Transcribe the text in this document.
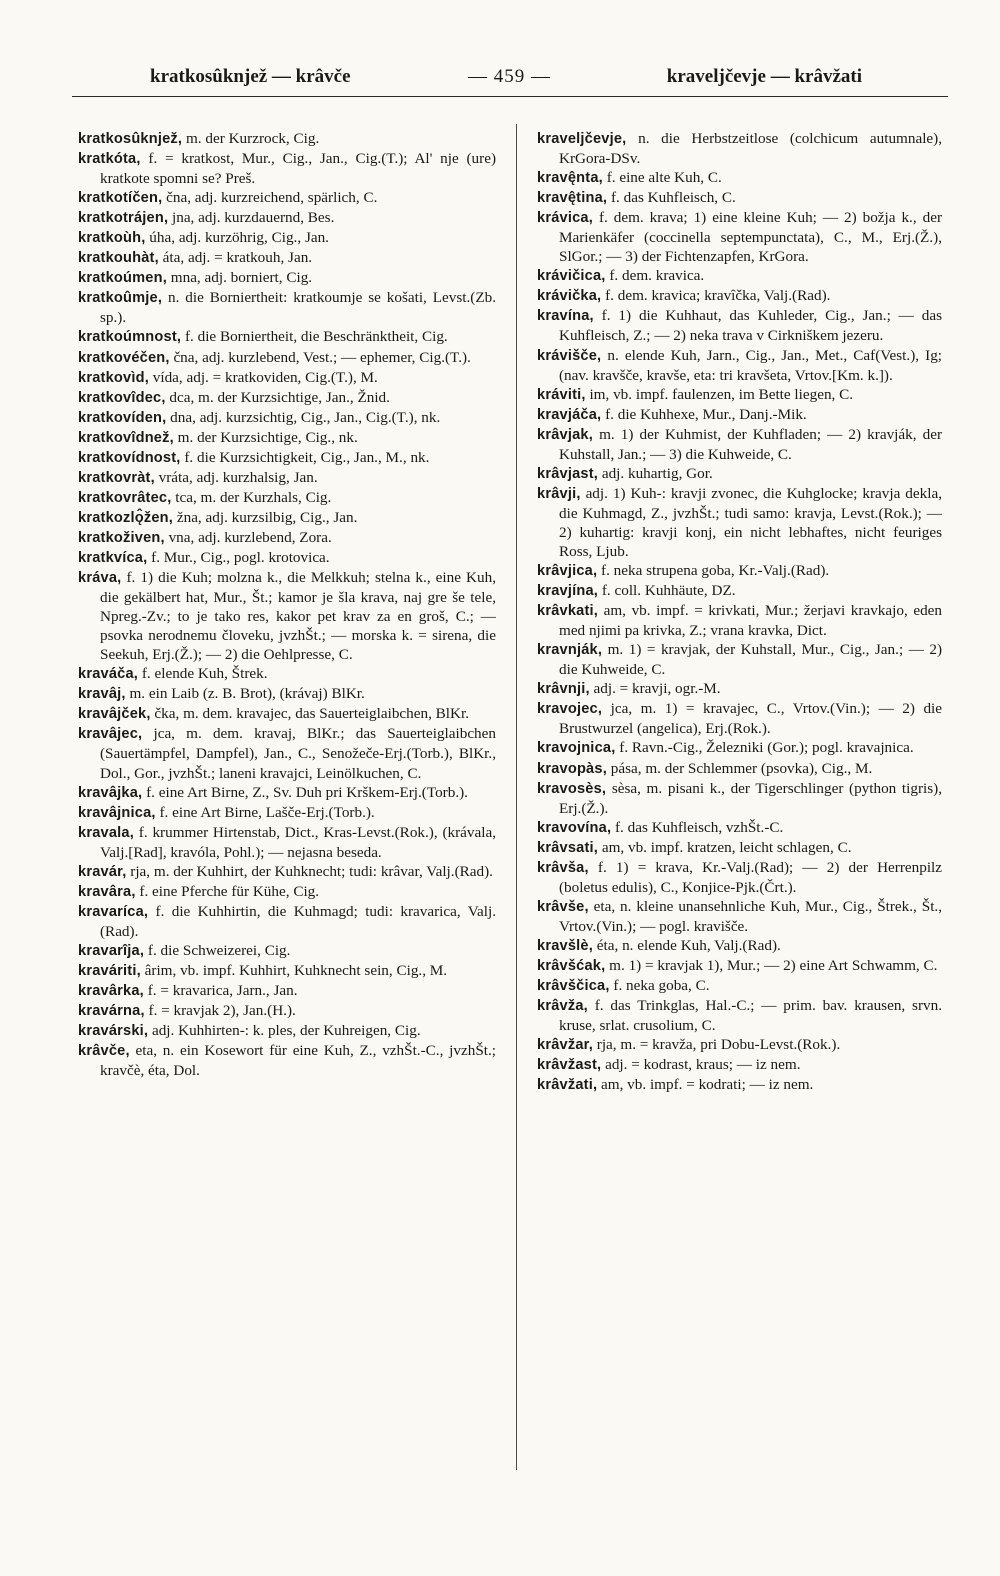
kratkosûknjež — krâvče	— 459 —	kraveljčevje — krâvžati

kratkosûknjež, m. der Kurzrock, Cig.

kratkóta, f. = kratkost, Mur., Cig., Jan., Cig.(T.); Al' nje (ure) kratkote spomni se? Preš.

kratkotíčen, čna, adj. kurzreichend, spärlich, C.

kratkotrájen, jna, adj. kurzdauernd, Bes.

kratkoùh, úha, adj. kurzöhrig, Cig., Jan.

kratkouhàt, áta, adj. = kratkouh, Jan.

kratkoúmen, mna, adj. borniert, Cig.

kratkoûmje, n. die Borniertheit: kratkoumje se košati, Levst.(Zb. sp.).

kratkoúmnost, f. die Borniertheit, die Beschränktheit, Cig.

kratkovéčen, čna, adj. kurzlebend, Vest.; — ephemer, Cig.(T.).

kratkovìd, vída, adj. = kratkoviden, Cig.(T.), M.

kratkovîdec, dca, m. der Kurzsichtige, Jan., Žnid.

kratkovíden, dna, adj. kurzsichtig, Cig., Jan., Cig.(T.), nk.

kratkovîdnež, m. der Kurzsichtige, Cig., nk.

kratkovídnost, f. die Kurzsichtigkeit, Cig., Jan., M., nk.

kratkovràt, vráta, adj. kurzhalsig, Jan.

kratkovrâtec, tca, m. der Kurzhals, Cig.

kratkozlǫ̂žen, žna, adj. kurzsilbig, Cig., Jan.

kratkoživen, vna, adj. kurzlebend, Zora.

kratkvíca, f. Mur., Cig., pogl. krotovica.

kráva, f. 1) die Kuh; molzna k., die Melkkuh; stelna k., eine Kuh, die gekälbert hat, Mur., Št.; kamor je šla krava, naj gre še tele, Npreg.-Zv.; to je tako res, kakor pet krav za en groš, C.; — psovka nerodnemu človeku, jvzhŠt.; — morska k. = sirena, die Seekuh, Erj.(Ž.); — 2) die Oehlpresse, C.

kraváča, f. elende Kuh, Štrek.

kravâj, m. ein Laib (z. B. Brot), (krávaj) BlKr.

kravâjček, čka, m. dem. kravajec, das Sauerteiglaibchen, BlKr.

kravâjec, jca, m. dem. kravaj, BlKr.; das Sauerteiglaibchen (Sauertämpfel, Dampfel), Jan., C., Senožeče-Erj.(Torb.), BlKr., Dol., Gor., jvzhŠt.; laneni kravajci, Leinölkuchen, C.

kravâjka, f. eine Art Birne, Z., Sv. Duh pri Krškem-Erj.(Torb.).

kravâjnica, f. eine Art Birne, Lašče-Erj.(Torb.).

kravala, f. krummer Hirtenstab, Dict., Kras-Levst.(Rok.), (krávala, Valj.[Rad], kravóla, Pohl.); — nejasna beseda.

kravár, rja, m. der Kuhhirt, der Kuhknecht; tudi: krâvar, Valj.(Rad).

kravâra, f. eine Pferche für Kühe, Cig.

kravaríca, f. die Kuhhirtin, die Kuhmagd; tudi: kravarica, Valj.(Rad).

kravarîja, f. die Schweizerei, Cig.

kraváriti, ârim, vb. impf. Kuhhirt, Kuhknecht sein, Cig., M.

kravârka, f. = kravarica, Jarn., Jan.

kravárna, f. = kravjak 2), Jan.(H.).

kravárski, adj. Kuhhirten-: k. ples, der Kuhreigen, Cig.

krâvče, eta, n. ein Kosewort für eine Kuh, Z., vzhŠt.-C., jvzhŠt.; kravčè, éta, Dol.

kraveljčevje, n. die Herbstzeitlose (colchicum autumnale), KrGora-DSv.

kravę̂nta, f. eine alte Kuh, C.

kravę̂tina, f. das Kuhfleisch, C.

krávica, f. dem. krava; 1) eine kleine Kuh; — 2) božja k., der Marienkäfer (coccinella septempunctata), C., M., Erj.(Ž.), SlGor.; — 3) der Fichtenzapfen, KrGora.

krávičica, f. dem. kravica.

krávička, f. dem. kravica; kravîčka, Valj.(Rad).

kravína, f. 1) die Kuhhaut, das Kuhleder, Cig., Jan.; — das Kuhfleisch, Z.; — 2) neka trava v Cirkniškem jezeru.

krávišče, n. elende Kuh, Jarn., Cig., Jan., Met., Caf(Vest.), Ig; (nav. kravšče, kravše, eta: tri kravšeta, Vrtov.[Km. k.]).

kráviti, im, vb. impf. faulenzen, im Bette liegen, C.

kravjáča, f. die Kuhhexe, Mur., Danj.-Mik.

krâvjak, m. 1) der Kuhmist, der Kuhfladen; — 2) kravják, der Kuhstall, Jan.; — 3) die Kuhweide, C.

krâvjast, adj. kuhartig, Gor.

krâvji, adj. 1) Kuh-: kravji zvonec, die Kuhglocke; kravja dekla, die Kuhmagd, Z., jvzhŠt.; tudi samo: kravja, Levst.(Rok.); — 2) kuhartig: kravji konj, ein nicht lebhaftes, nicht feuriges Ross, Ljub.

krâvjica, f. neka strupena goba, Kr.-Valj.(Rad).

kravjína, f. coll. Kuhhäute, DZ.

krâvkati, am, vb. impf. = krivkati, Mur.; žerjavi kravkajo, eden med njimi pa krivka, Z.; vrana kravka, Dict.

kravnják, m. 1) = kravjak, der Kuhstall, Mur., Cig., Jan.; — 2) die Kuhweide, C.

krâvnji, adj. = kravji, ogr.-M.

kravojec, jca, m. 1) = kravajec, C., Vrtov.(Vin.); — 2) die Brustwurzel (angelica), Erj.(Rok.).

kravojnica, f. Ravn.-Cig., Železniki (Gor.); pogl. kravajnica.

kravopàs, pása, m. der Schlemmer (psovka), Cig., M.

kravosès, sèsa, m. pisani k., der Tigerschlinger (python tigris), Erj.(Ž.).

kravovína, f. das Kuhfleisch, vzhŠt.-C.

krâvsati, am, vb. impf. kratzen, leicht schlagen, C.

krâvša, f. 1) = krava, Kr.-Valj.(Rad); — 2) der Herrenpilz (boletus edulis), C., Konjice-Pjk.(Črt.).

krâvše, eta, n. kleine unansehnliche Kuh, Mur., Cig., Štrek., Št., Vrtov.(Vin.); — pogl. kravišče.

kravšlè, éta, n. elende Kuh, Valj.(Rad).

krâvšćak, m. 1) = kravjak 1), Mur.; — 2) eine Art Schwamm, C.

krâvščica, f. neka goba, C.

krâvža, f. das Trinkglas, Hal.-C.; — prim. bav. krausen, srvn. kruse, srlat. crusolium, C.

krâvžar, rja, m. = kravža, pri Dobu-Levst.(Rok.).

krâvžast, adj. = kodrast, kraus; — iz nem.

krâvžati, am, vb. impf. = kodrati; — iz nem.
